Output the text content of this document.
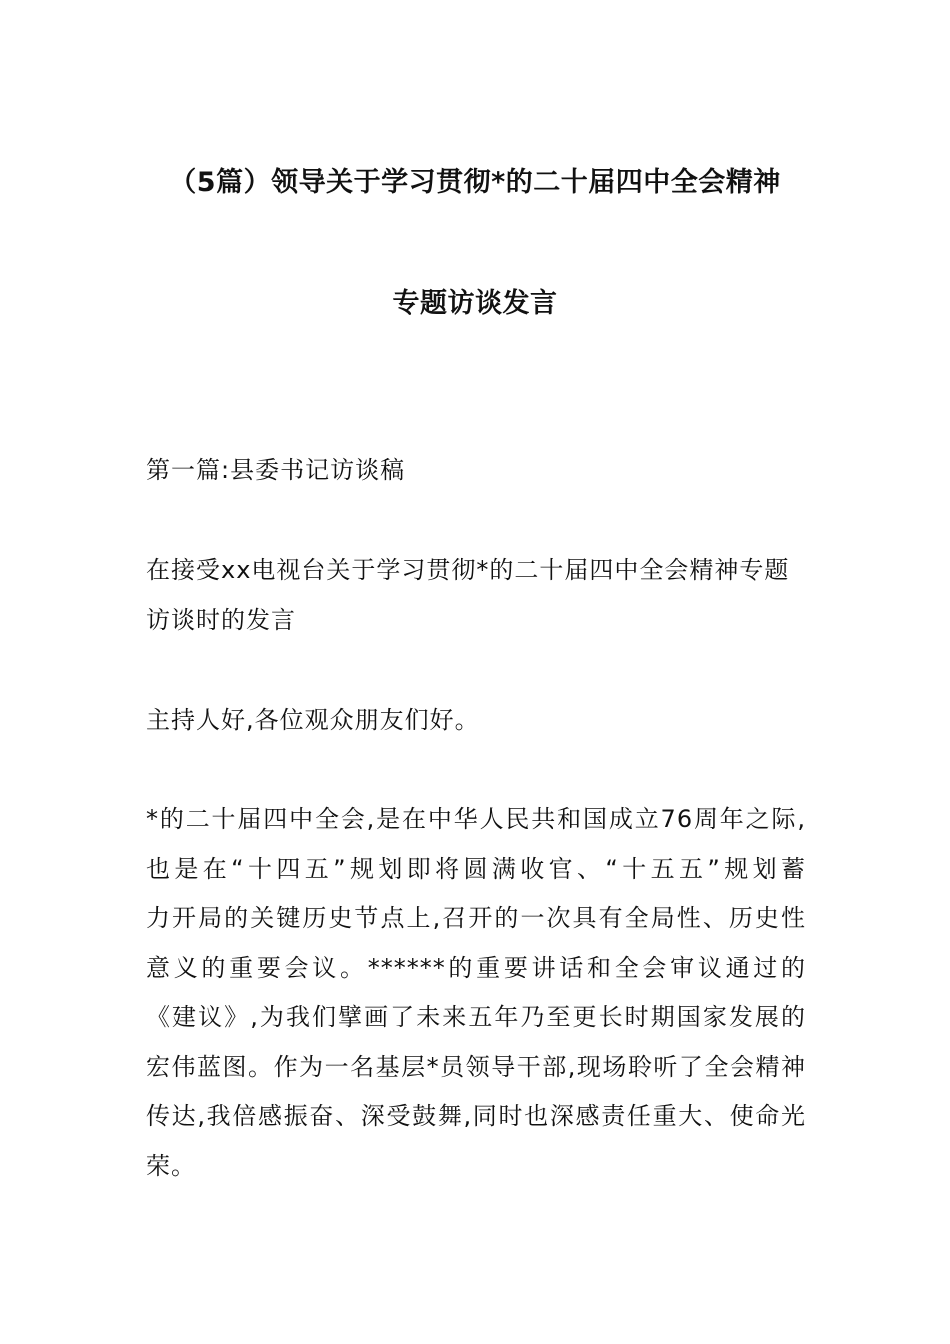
（5篇）领导关于学习贯彻*的二十届四中全会精神
专题访谈发言
第一篇:县委书记访谈稿
在接受xx电视台关于学习贯彻*的二十届四中全会精神专题
访谈时的发言
主持人好,各位观众朋友们好。
*的二十届四中全会,是在中华人民共和国成立76周年之际,
也是在“十四五”规划即将圆满收官、“十五五”规划蓄
力开局的关键历史节点上,召开的一次具有全局性、历史性
意义的重要会议。******的重要讲话和全会审议通过的
《建议》,为我们擘画了未来五年乃至更长时期国家发展的
宏伟蓝图。作为一名基层*员领导干部,现场聆听了全会精神
传达,我倍感振奋、深受鼓舞,同时也深感责任重大、使命光
荣。
